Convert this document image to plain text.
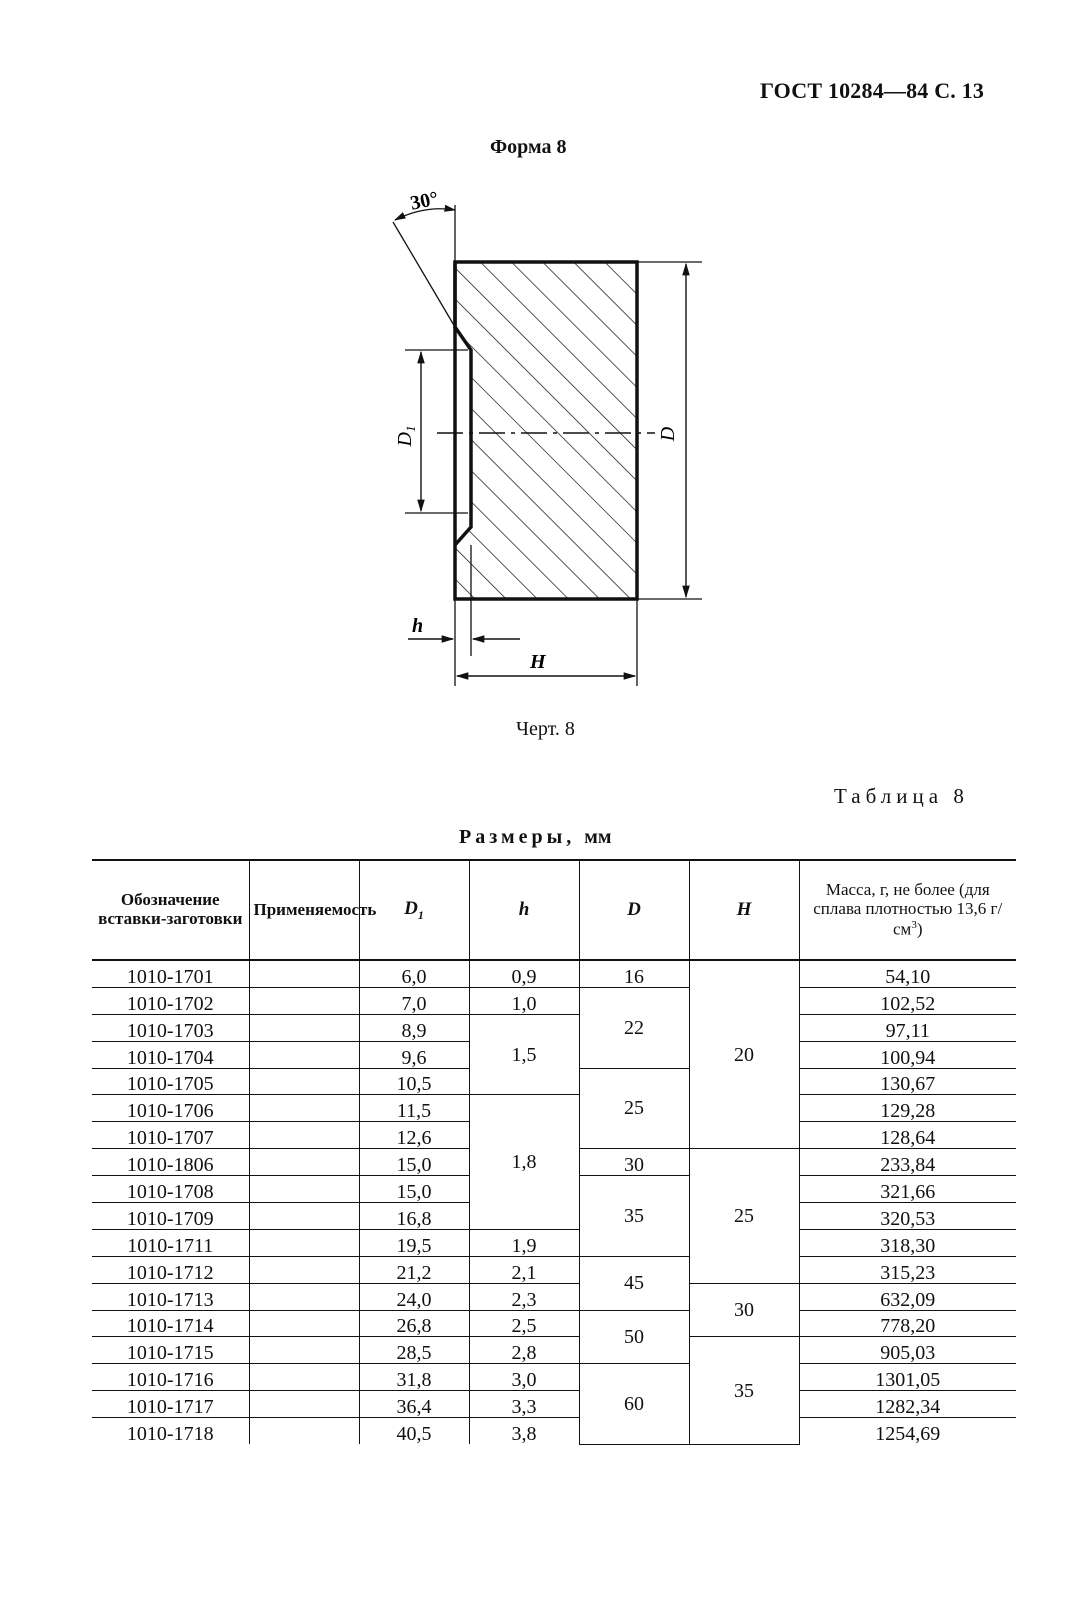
ГОСТ 10284—84 С. 13
Форма 8
D
$D_1$
30°
h
H
Черт. 8
Таблица 8
Размеры, мм
Обозначение вставки-заготовки	Применяемость	$D_1$	h	D	H	Масса, г, не более (для сплава плотностью 13,6 $г/см^3$)
1010-1701		6,0	0,9	16	20	54,10
1010-1702		7,0	1,0	22		102,52
1010-1703		8,9	1,5			97,11
1010-1704		9,6				100,94
1010-1705		10,5		25		130,67
1010-1706		11,5	1,8			129,28
1010-1707		12,6				128,64
1010-1806		15,0		30	25	233,84
1010-1708		15,0		35		321,66
1010-1709		16,8				320,53
1010-1711		19,5	1,9			318,30
1010-1712		21,2	2,1	45		315,23
1010-1713		24,0	2,3		30	632,09
1010-1714		26,8	2,5	50		778,20
1010-1715		28,5	2,8		35	905,03
1010-1716		31,8	3,0	60		1301,05
1010-1717		36,4	3,3			1282,34
1010-1718		40,5	3,8			1254,69
